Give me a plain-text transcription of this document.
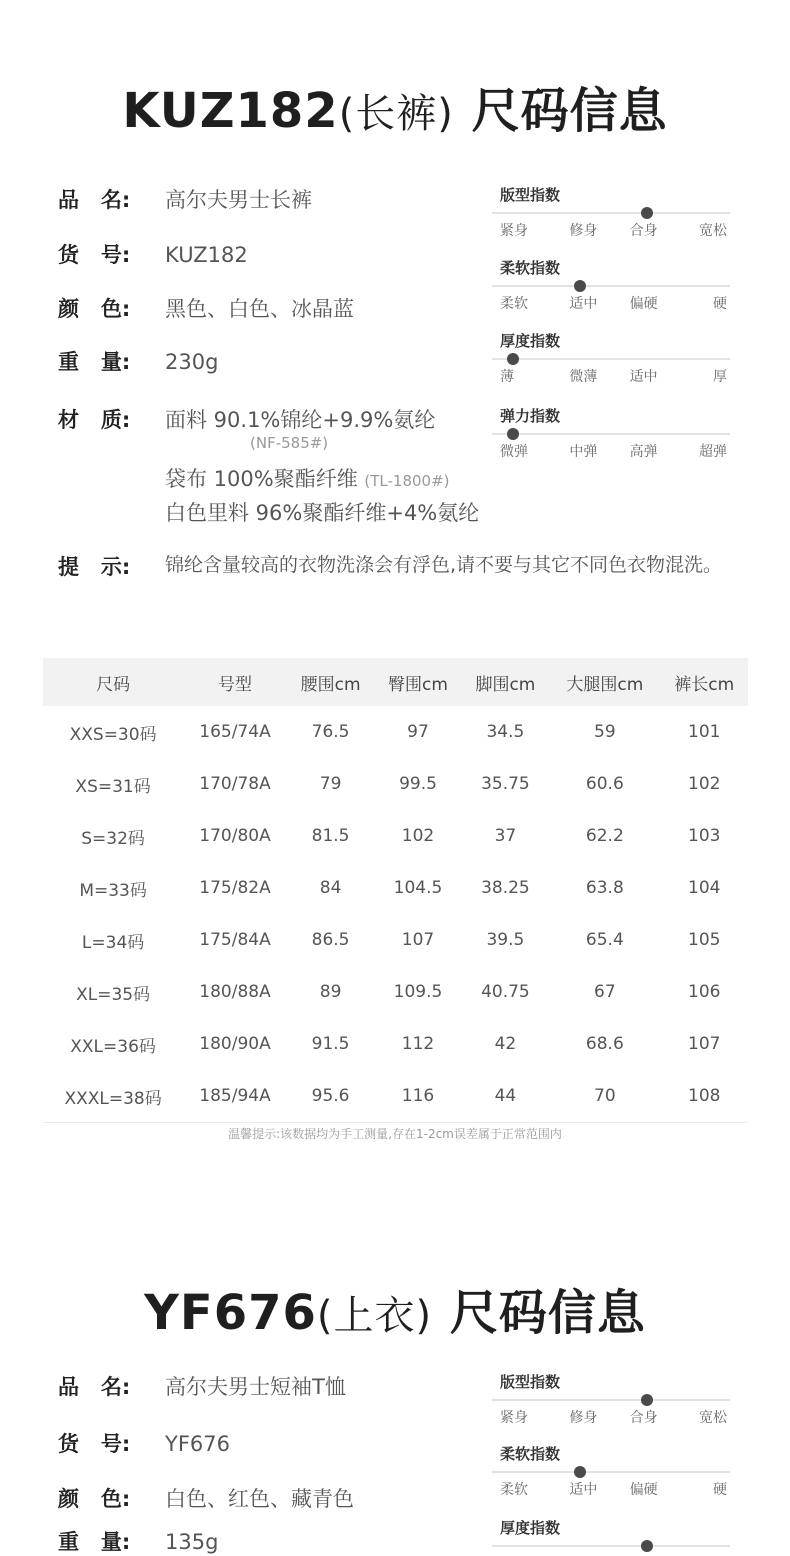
KUZ182(长裤) 尺码信息
品   名:	高尔夫男士长裤
货   号:	KUZ182
颜   色:	黑色、白色、冰晶蓝
重   量:	230g
材   质:	面料 90.1%锦纶+9.9%氨纶
(NF-585#)
袋布 100%聚酯纤维 (TL-1800#)
白色里料 96%聚酯纤维+4%氨纶
提   示:	锦纶含量较高的衣物洗涤会有浮色,请不要与其它不同色衣物混洗。
版型指数
紧身	修身	合身	宽松
柔软指数
柔软	适中	偏硬	硬
厚度指数
薄	微薄	适中	厚
弹力指数
微弹	中弹	高弹	超弹
尺码	号型	腰围cm	臀围cm	脚围cm	大腿围cm	裤长cm
XXS=30码	165/74A	76.5	97	34.5	59	101
XS=31码	170/78A	79	99.5	35.75	60.6	102
S=32码	170/80A	81.5	102	37	62.2	103
M=33码	175/82A	84	104.5	38.25	63.8	104
L=34码	175/84A	86.5	107	39.5	65.4	105
XL=35码	180/88A	89	109.5	40.75	67	106
XXL=36码	180/90A	91.5	112	42	68.6	107
XXXL=38码	185/94A	95.6	116	44	70	108
温馨提示:该数据均为手工测量,存在1-2cm误差属于正常范围内
YF676(上衣) 尺码信息
品   名:	高尔夫男士短袖T恤
货   号:	YF676
颜   色:	白色、红色、藏青色
重   量:	135g
版型指数
紧身	修身	合身	宽松
柔软指数
柔软	适中	偏硬	硬
厚度指数
